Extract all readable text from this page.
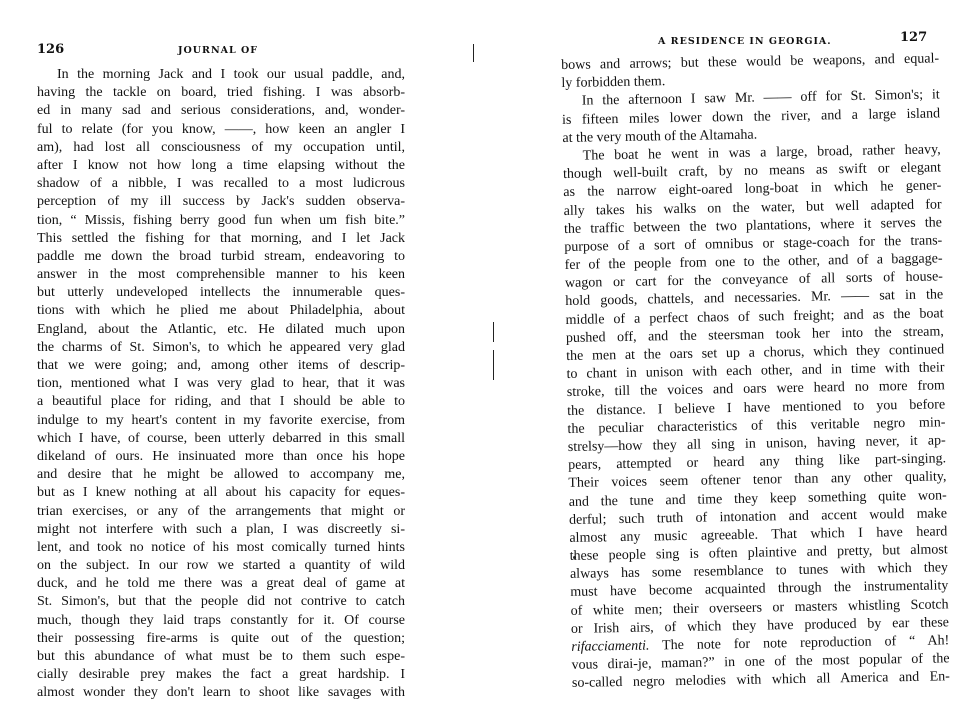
126	JOURNAL OF
In the morning Jack and I took our usual paddle, and,
having the tackle on board, tried fishing. I was absorb-
ed in many sad and serious considerations, and, wonder-
ful to relate (for you know, ——, how keen an angler I
am), had lost all consciousness of my occupation until,
after I know not how long a time elapsing without the
shadow of a nibble, I was recalled to a most ludicrous
perception of my ill success by Jack's sudden observa-
tion, “ Missis, fishing berry good fun when um fish bite.”
This settled the fishing for that morning, and I let Jack
paddle me down the broad turbid stream, endeavoring to
answer in the most comprehensible manner to his keen
but utterly undeveloped intellects the innumerable ques-
tions with which he plied me about Philadelphia, about
England, about the Atlantic, etc. He dilated much upon
the charms of St. Simon's, to which he appeared very glad
that we were going; and, among other items of descrip-
tion, mentioned what I was very glad to hear, that it was
a beautiful place for riding, and that I should be able to
indulge to my heart's content in my favorite exercise, from
which I have, of course, been utterly debarred in this small
dikeland of ours. He insinuated more than once his hope
and desire that he might be allowed to accompany me,
but as I knew nothing at all about his capacity for eques-
trian exercises, or any of the arrangements that might or
might not interfere with such a plan, I was discreetly si-
lent, and took no notice of his most comically turned hints
on the subject. In our row we started a quantity of wild
duck, and he told me there was a great deal of game at
St. Simon's, but that the people did not contrive to catch
much, though they laid traps constantly for it. Of course
their possessing fire-arms is quite out of the question;
but this abundance of what must be to them such espe-
cially desirable prey makes the fact a great hardship. I
almost wonder they don't learn to shoot like savages with
A RESIDENCE IN GEORGIA.	127
bows and arrows; but these would be weapons, and equal-
ly forbidden them.
In the afternoon I saw Mr. —— off for St. Simon's; it
is fifteen miles lower down the river, and a large island
at the very mouth of the Altamaha.
The boat he went in was a large, broad, rather heavy,
though well-built craft, by no means as swift or elegant
as the narrow eight-oared long-boat in which he gener-
ally takes his walks on the water, but well adapted for
the traffic between the two plantations, where it serves the
purpose of a sort of omnibus or stage-coach for the trans-
fer of the people from one to the other, and of a baggage-
wagon or cart for the conveyance of all sorts of house-
hold goods, chattels, and necessaries. Mr. —— sat in the
middle of a perfect chaos of such freight; and as the boat
pushed off, and the steersman took her into the stream,
the men at the oars set up a chorus, which they continued
to chant in unison with each other, and in time with their
stroke, till the voices and oars were heard no more from
the distance. I believe I have mentioned to you before
the peculiar characteristics of this veritable negro min-
strelsy—how they all sing in unison, having never, it ap-
pears, attempted or heard any thing like part-singing.
Their voices seem oftener tenor than any other quality,
and the tune and time they keep something quite won-
derful; such truth of intonation and accent would make
almost any music agreeable. That which I have heard
these people sing is often plaintive and pretty, but almost
always has some resemblance to tunes with which they
must have become acquainted through the instrumentality
of white men; their overseers or masters whistling Scotch
or Irish airs, of which they have produced by ear these
rifacciamenti. The note for note reproduction of “ Ah!
vous dirai-je, maman?” in one of the most popular of the
so-called negro melodies with which all America and En-
